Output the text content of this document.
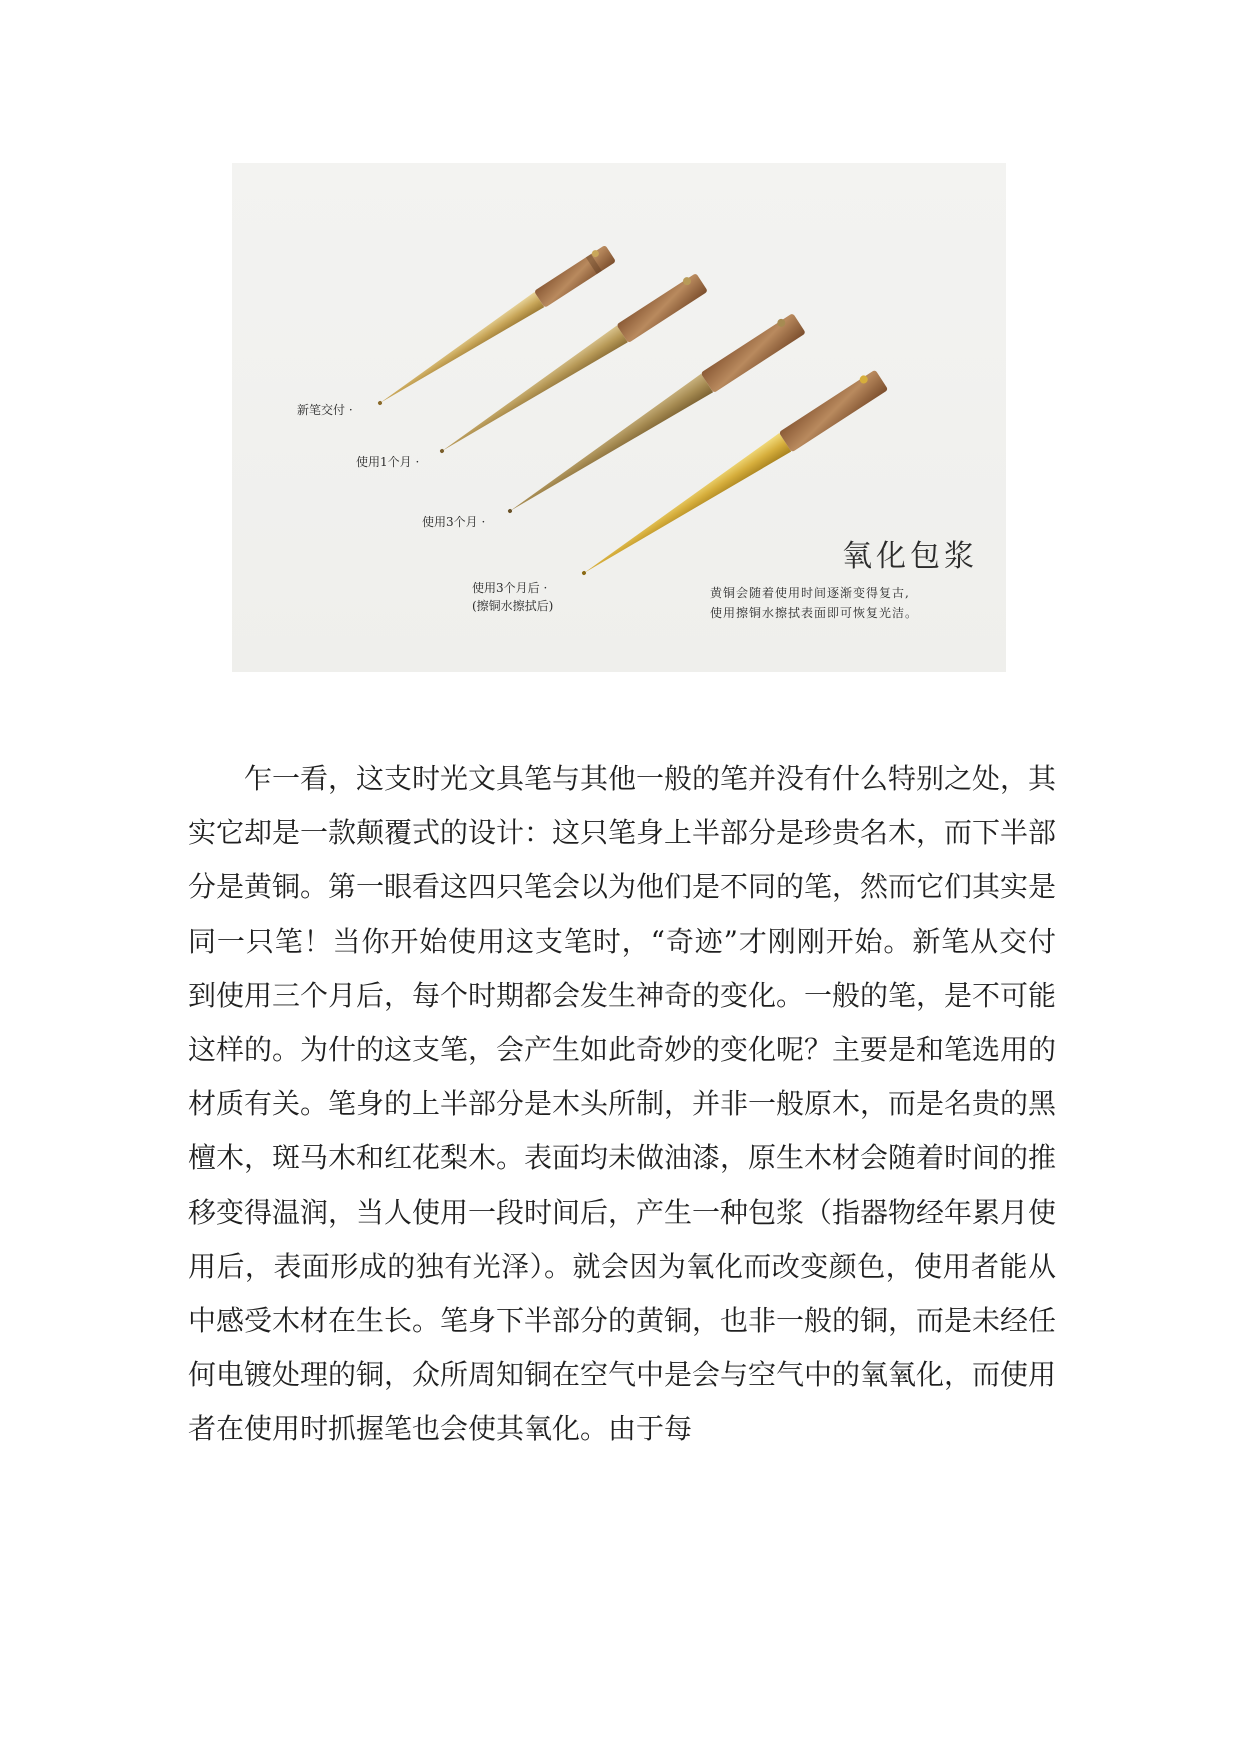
新笔交付 ·
使用1个月 ·
使用3个月 ·
使用3个月后 ·
(擦铜水擦拭后)
氧化包浆
黄铜会随着使用时间逐渐变得复古,
使用擦铜水擦拭表面即可恢复光洁。
乍一看，这支时光文具笔与其他一般的笔并没有什么特别之处，其实它却是一款颠覆式的设计：这只笔身上半部分是珍贵名木，而下半部分是黄铜。第一眼看这四只笔会以为他们是不同的笔，然而它们其实是同一只笔！当你开始使用这支笔时，“奇迹”才刚刚开始。新笔从交付到使用三个月后，每个时期都会发生神奇的变化。一般的笔，是不可能这样的。为什的这支笔，会产生如此奇妙的变化呢？主要是和笔选用的材质有关。笔身的上半部分是木头所制，并非一般原木，而是名贵的黑檀木，斑马木和红花梨木。表面均未做油漆，原生木材会随着时间的推移变得温润，当人使用一段时间后，产生一种包浆（指器物经年累月使用后，表面形成的独有光泽）。就会因为氧化而改变颜色，使用者能从中感受木材在生长。笔身下半部分的黄铜，也非一般的铜，而是未经任何电镀处理的铜，众所周知铜在空气中是会与空气中的氧氧化，而使用者在使用时抓握笔也会使其氧化。由于每
